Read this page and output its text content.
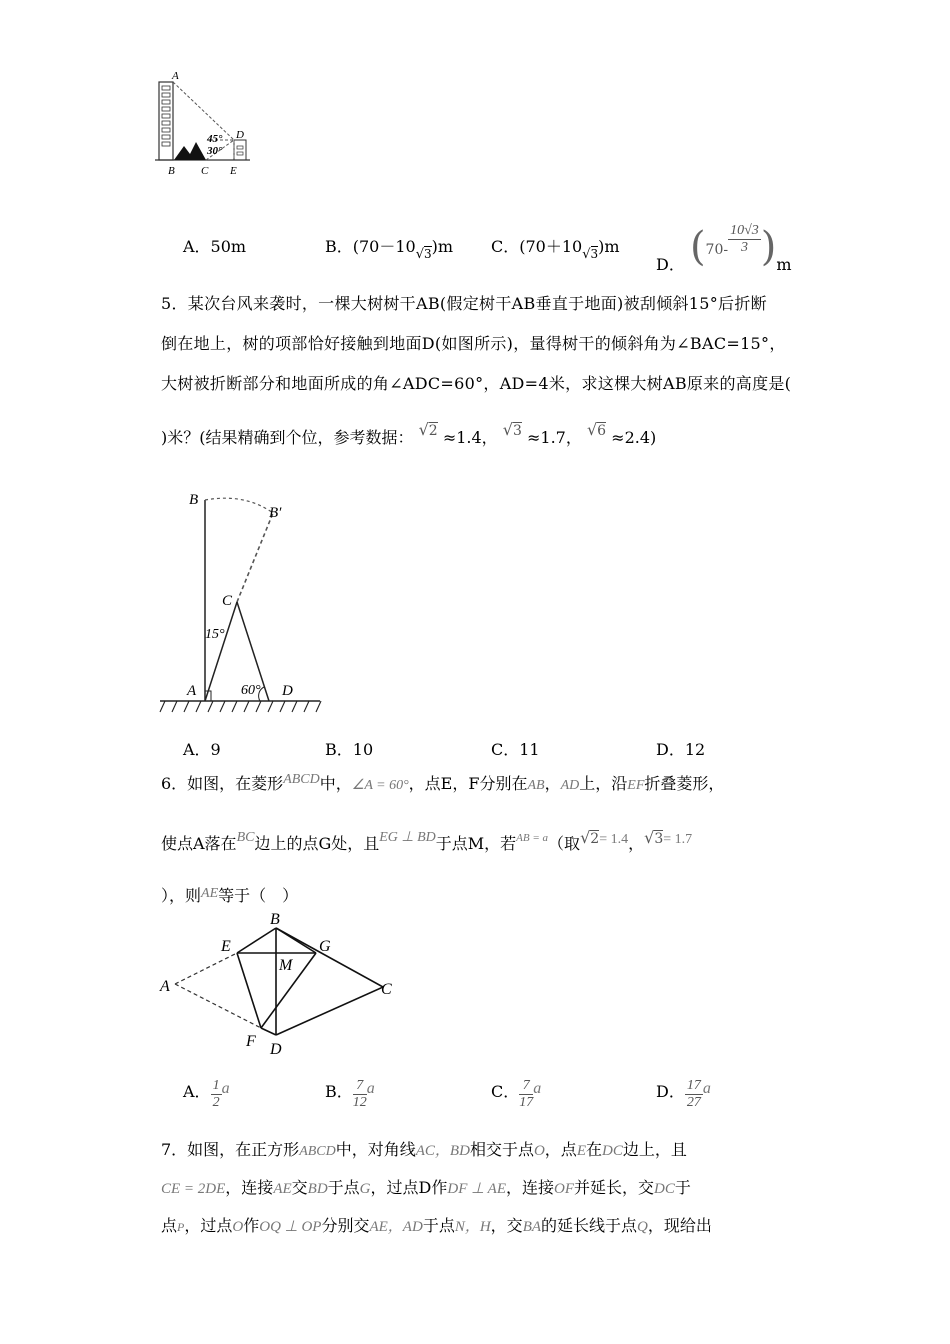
A
B C E
D
45°
30°
A．50m	B．$(70-10_{√3})m$ C．$(70+10_{√3})m$
D． $(70- \frac{10√3}{3} )m$
5．某次台风来袭时，一棵大树树干AB(假定树干AB垂直于地面)被刮倾斜15°后折断
倒在地上，树的项部恰好接触到地面D(如图所示)，量得树干的倾斜角为∠BAC=15°，
大树被折断部分和地面所成的角∠ADC=60°，AD=4米，求这棵大树AB原来的高度是(
)米？(结果精确到个位，参考数据： √2 ≈1.4， √3 ≈1.7， √6 ≈2.4)
B
B′
C
A	D
15°
60°
A．9	B．10	C．11	D．12
6．如图，在菱形ABCD中，∠A = 60°，点E，F分别在AB，AD上，沿EF折叠菱形，
使点A落在BC边上的点G处，且EG ⊥ BD于点M，若$^{AB = a}$（取√2= 1.4，√3= 1.7
），则AE等于（　）
A
B
C
D
E
F
G
M
A． $\frac{1}{2}$ a	B． $\frac{7}{12}$ a	C． $\frac{7}{17}$ a	D． $\frac{17}{27}$ a
7．如图，在正方形ABCD中，对角线AC，BD相交于点O，点E在DC边上，且
CE = 2DE，连接AE交BD于点G，过点D作DF ⊥ AE，连接OF并延长，交DC于
点P，过点O作OQ ⊥ OP分别交AE，AD于点N，H，交BA的延长线于点Q，现给出
